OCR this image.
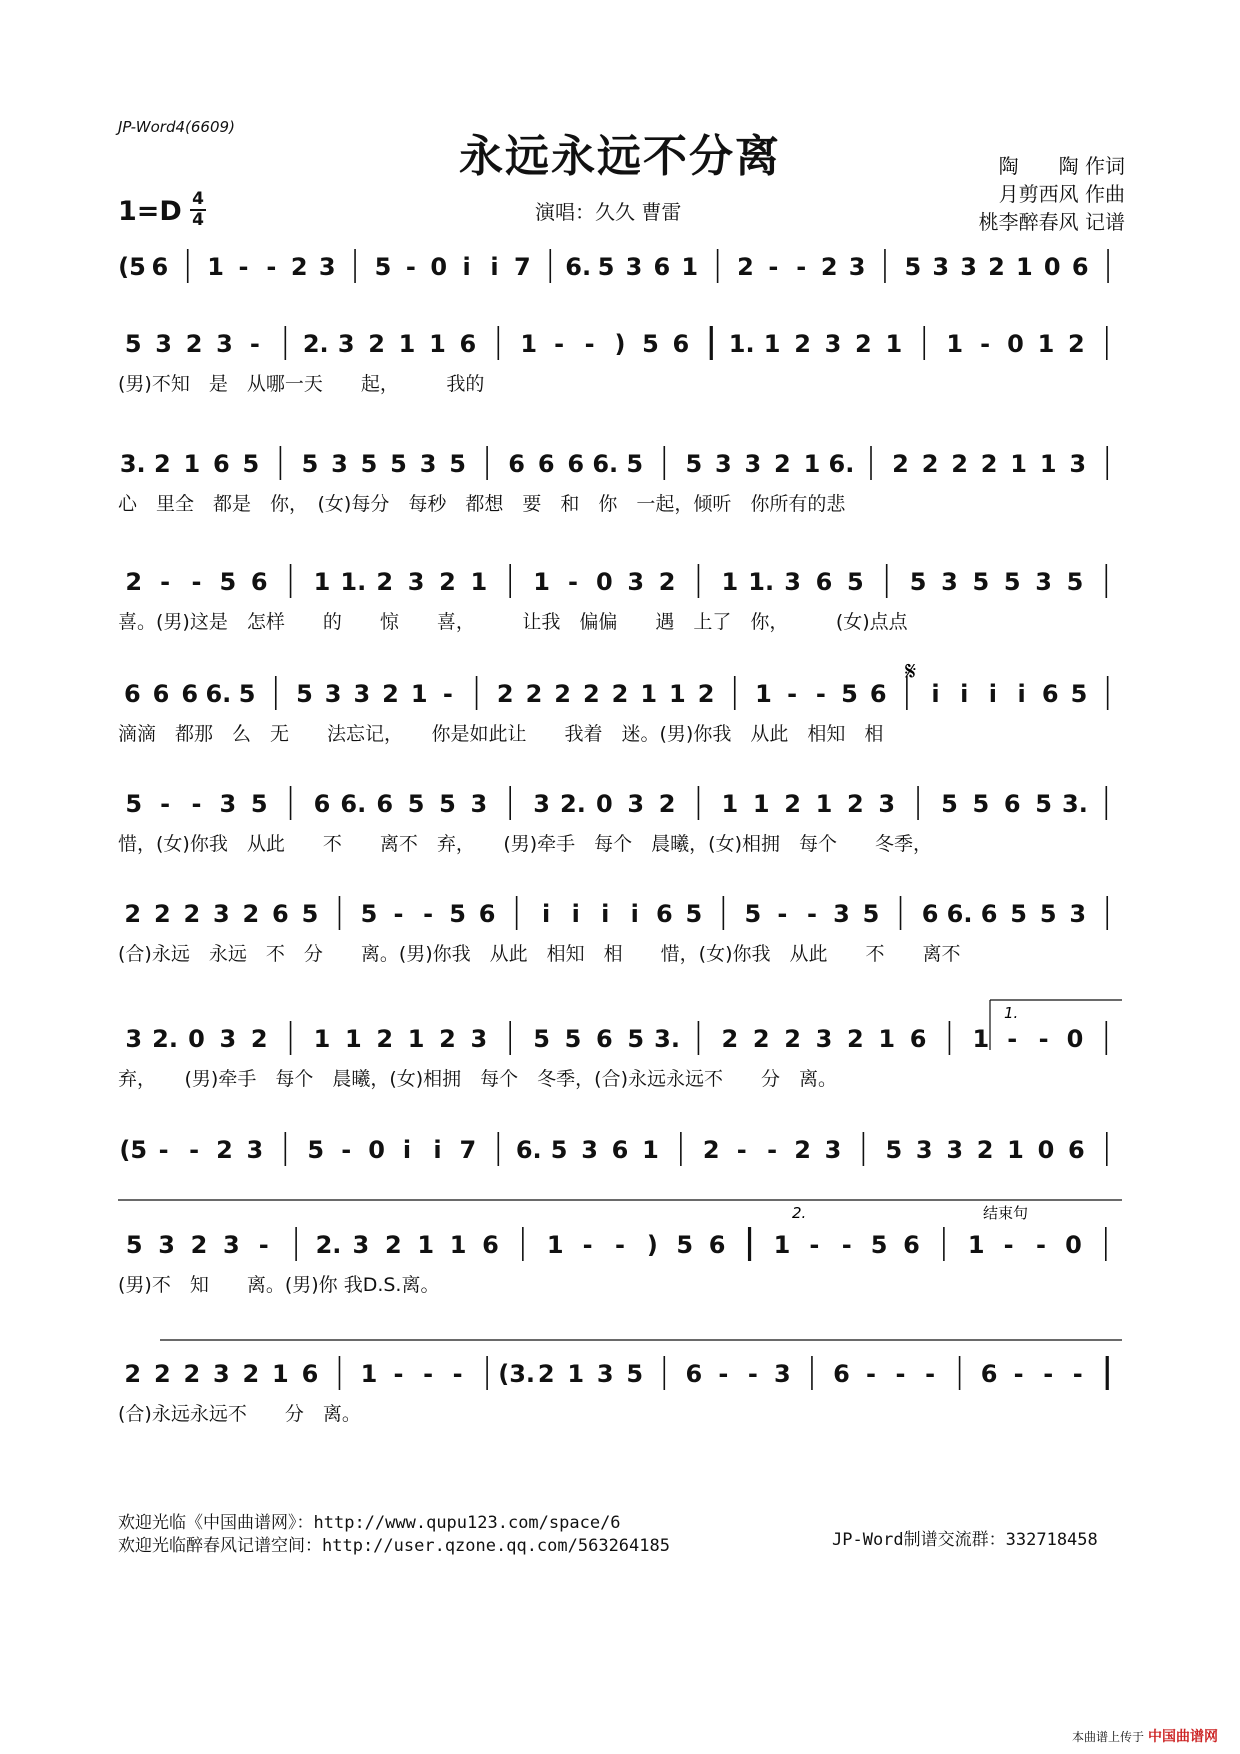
JP-Word4(6609)
永远永远不分离
1=D 4
4	演唱：久久 曹雷
陶　　陶 作词
月剪西风 作曲
桃李醉春风 记谱
(5 6 1 - - 2 3 5 - 0 i i 7 6. 5 3 6 1 2 - - 2 3 5 3 3 2 1 0 6
5 3 2 3 - 2. 3 2 1 1 6 1 - - ) 5 6 1. 1 2 3 2 1 1 - 0 1 2
(男)不知　是　从哪一天　　起，　　　我的
3. 2 1 6 5 5 3 5 5 3 5 6 6 6 6. 5 5 3 3 2 1 6. 2 2 2 2 1 1 3
心　里全　都是　你，　(女)每分　每秒　都想　要　和　你　一起，倾听　你所有的悲
2 - - 5 6 1 1. 2 3 2 1 1 - 0 3 2 1 1. 3 6 5 5 3 5 5 3 5
喜。(男)这是　怎样　　的　　惊　　喜，　　　让我　偏偏　　遇　上了　你，　　　(女)点点
6 6 6 6. 5 5 3 3 2 1 - 2 2 2 2 2 1 1 2 1 - - 5 6 i i i i 6 5
滴滴　都那　么　无　　法忘记，　　你是如此让　　我着　迷。(男)你我　从此　相知　相
5 - - 3 5 6 6. 6 5 5 3 3 2. 0 3 2 1 1 2 1 2 3 5 5 6 5 3.
惜，(女)你我　从此　　不　　离不　弃，　　(男)牵手　每个　晨曦，(女)相拥　每个　　冬季，
2 2 2 3 2 6 5 5 - - 5 6 i i i i 6 5 5 - - 3 5 6 6. 6 5 5 3
(合)永远　永远　不　分　　离。(男)你我　从此　相知　相　　惜，(女)你我　从此　　不　　离不
3 2. 0 3 2 1 1 2 1 2 3 5 5 6 5 3. 2 2 2 3 2 1 6 1 - - 0
弃，　　(男)牵手　每个　晨曦，(女)相拥　每个　冬季，(合)永远永远不　　分　离。
(5 - - 2 3 5 - 0 i i 7 6. 5 3 6 1 2 - - 2 3 5 3 3 2 1 0 6
5 3 2 3 - 2. 3 2 1 1 6 1 - - ) 5 6 1 - - 5 6 1 - - 0
(男)不　知　　离。(男)你 我D.S.离。
2 2 2 3 2 1 6 1 - - - (3. 2 1 3 5 6 - - 3 6 - - - 6 - - -
(合)永远永远不　　分　离。
1.
2.	结束句
𝄋
欢迎光临《中国曲谱网》：http://www.qupu123.com/space/6
欢迎光临醉春风记谱空间：http://user.qzone.qq.com/563264185	JP-Word制谱交流群：332718458
本曲谱上传于 中国曲谱网
